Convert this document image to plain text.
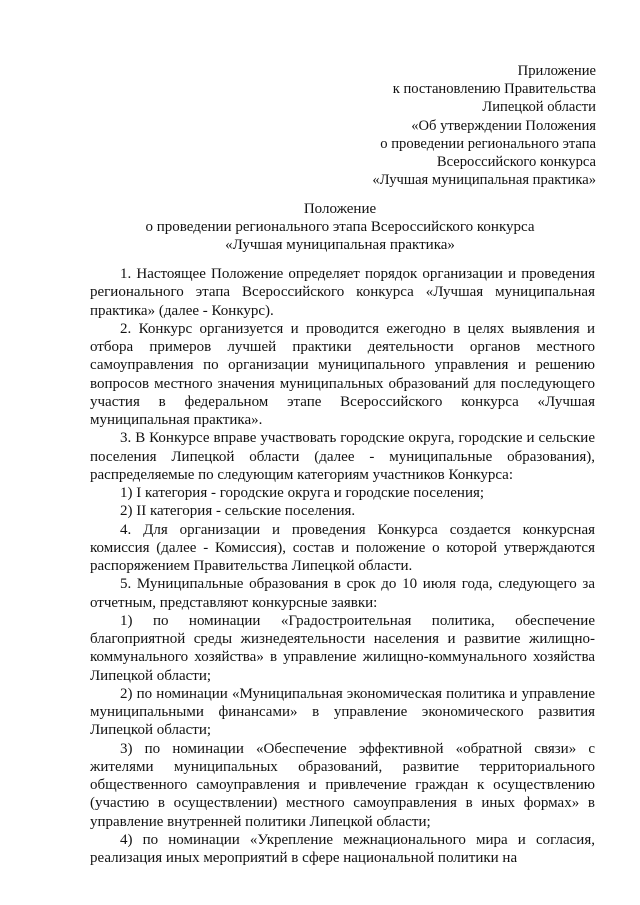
Приложение
к постановлению Правительства
Липецкой области
«Об утверждении Положения
о проведении регионального этапа
Всероссийского конкурса
«Лучшая муниципальная практика»
Положение
о проведении регионального этапа Всероссийского конкурса
«Лучшая муниципальная практика»

1. Настоящее Положение определяет порядок организации и проведения регионального этапа Всероссийского конкурса «Лучшая муниципальная практика» (далее - Конкурс).

2. Конкурс организуется и проводится ежегодно в целях выявления и отбора примеров лучшей практики деятельности органов местного самоуправления по организации муниципального управления и решению вопросов местного значения муниципальных образований для последующего участия в федеральном этапе Всероссийского конкурса «Лучшая муниципальная практика».

3. В Конкурсе вправе участвовать городские округа, городские и сельские поселения Липецкой области (далее - муниципальные образования), распределяемые по следующим категориям участников Конкурса:

1) I категория - городские округа и городские поселения;

2) II категория - сельские поселения.

4. Для организации и проведения Конкурса создается конкурсная комиссия (далее - Комиссия), состав и положение о которой утверждаются распоряжением Правительства Липецкой области.

5. Муниципальные образования в срок до 10 июля года, следующего за отчетным, представляют конкурсные заявки:

1) по номинации «Градостроительная политика, обеспечение благоприятной среды жизнедеятельности населения и развитие жилищно-коммунального хозяйства» в управление жилищно-коммунального хозяйства Липецкой области;

2) по номинации «Муниципальная экономическая политика и управление муниципальными финансами» в управление экономического развития Липецкой области;

3) по номинации «Обеспечение эффективной «обратной связи» с жителями муниципальных образований, развитие территориального общественного самоуправления и привлечение граждан к осуществлению (участию в осуществлении) местного самоуправления в иных формах» в управление внутренней политики Липецкой области;

4) по номинации «Укрепление межнационального мира и согласия, реализация иных мероприятий в сфере национальной политики на
